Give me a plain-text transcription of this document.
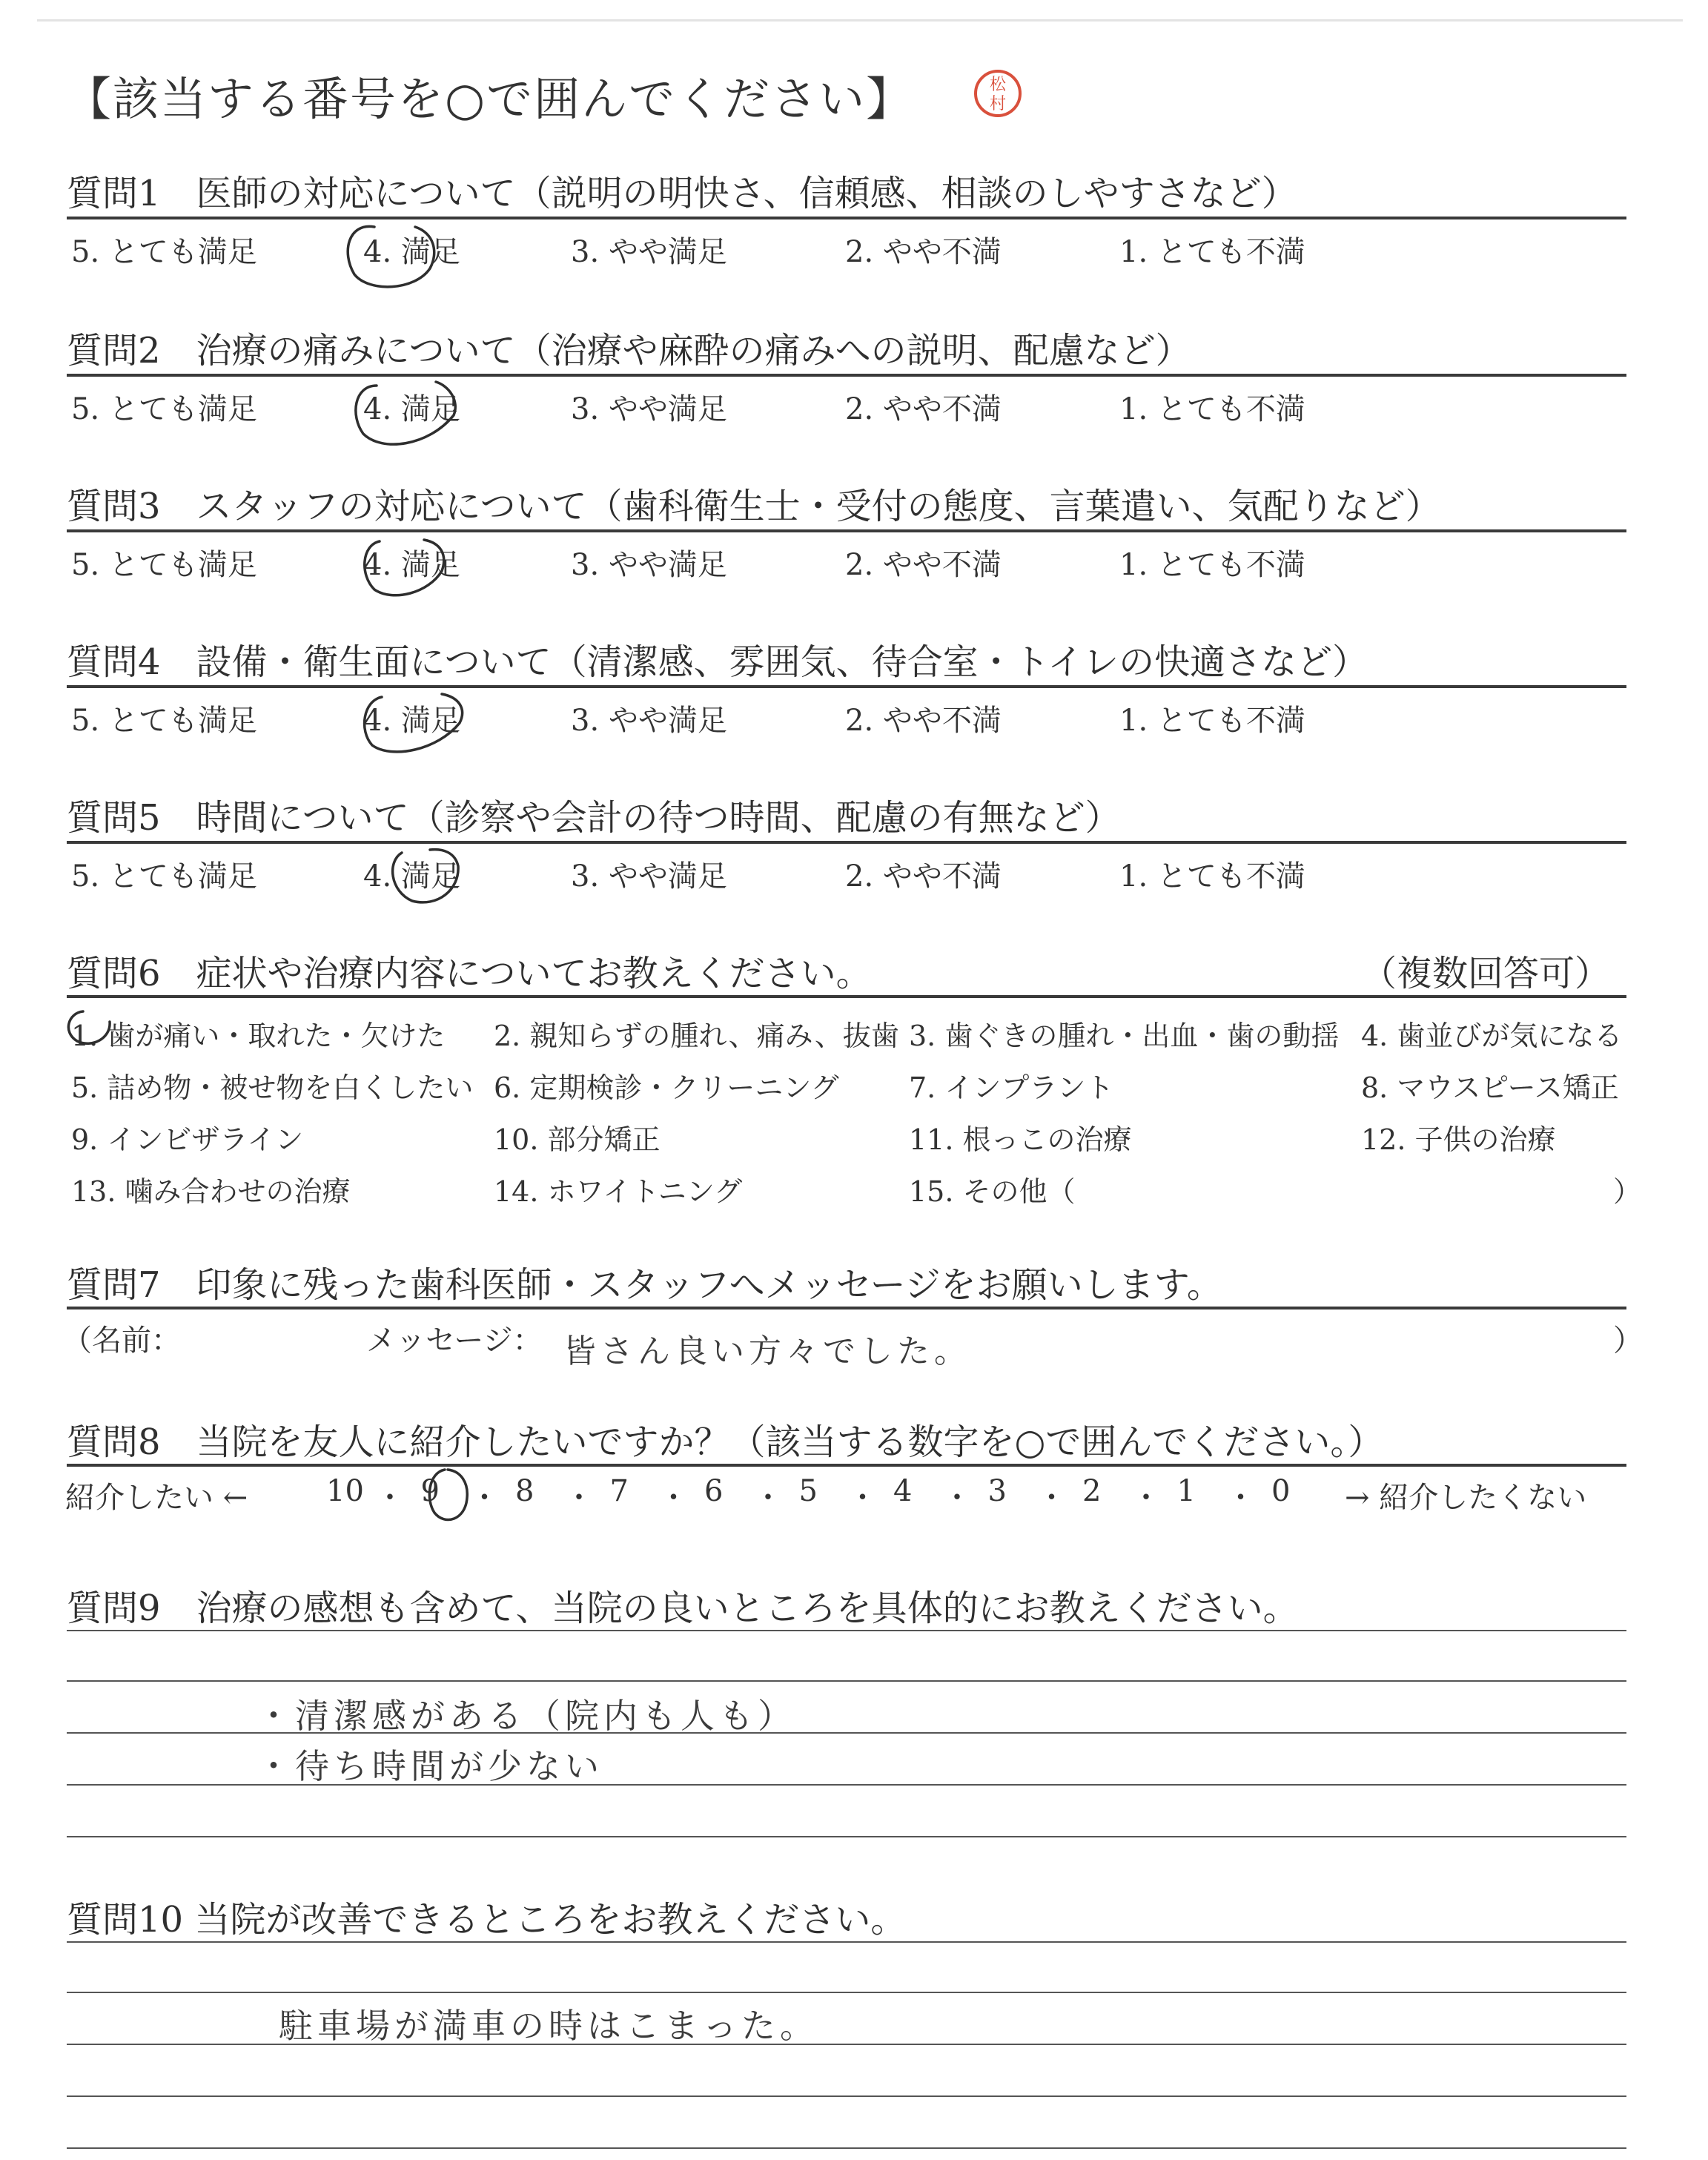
【該当する番号を○で囲んでください】	松
村
質問1　医師の対応について（説明の明快さ、信頼感、相談のしやすさなど）
5. とても満足	4. 満足	3. やや満足	2. やや不満	1. とても不満
質問2　治療の痛みについて（治療や麻酔の痛みへの説明、配慮など）
5. とても満足	4. 満足	3. やや満足	2. やや不満	1. とても不満
質問3　スタッフの対応について（歯科衛生士・受付の態度、言葉遣い、気配りなど）
5. とても満足	4. 満足	3. やや満足	2. やや不満	1. とても不満
質問4　設備・衛生面について（清潔感、雰囲気、待合室・トイレの快適さなど）
5. とても満足	4. 満足	3. やや満足	2. やや不満	1. とても不満
質問5　時間について（診察や会計の待つ時間、配慮の有無など）
5. とても満足	4. 満足	3. やや満足	2. やや不満	1. とても不満
質問6　症状や治療内容についてお教えください。	（複数回答可）
1. 歯が痛い・取れた・欠けた 2. 親知らずの腫れ、痛み、抜歯 3. 歯ぐきの腫れ・出血・歯の動揺 4. 歯並びが気になる
5. 詰め物・被せ物を白くしたい 6. 定期検診・クリーニング 7. インプラント	8. マウスピース矯正
9. インビザライン	10. 部分矯正	11. 根っこの治療	12. 子供の治療
13. 噛み合わせの治療	14. ホワイトニング	15. その他（	）
質問7　印象に残った歯科医師・スタッフへメッセージをお願いします。
（名前：	メッセージ： 皆さん良い方々でした。	）
質問8　当院を友人に紹介したいですか？（該当する数字を○で囲んでください。）
紹介したい ←	10 ・ 9 ・ 8 ・ 7 ・ 6 ・ 5 ・ 4 ・ 3 ・ 2 ・ 1 ・ 0 → 紹介したくない
質問9　治療の感想も含めて、当院の良いところを具体的にお教えください。
・清潔感がある（院内も人も）
・待ち時間が少ない
質問10 当院が改善できるところをお教えください。
駐車場が満車の時はこまった。
